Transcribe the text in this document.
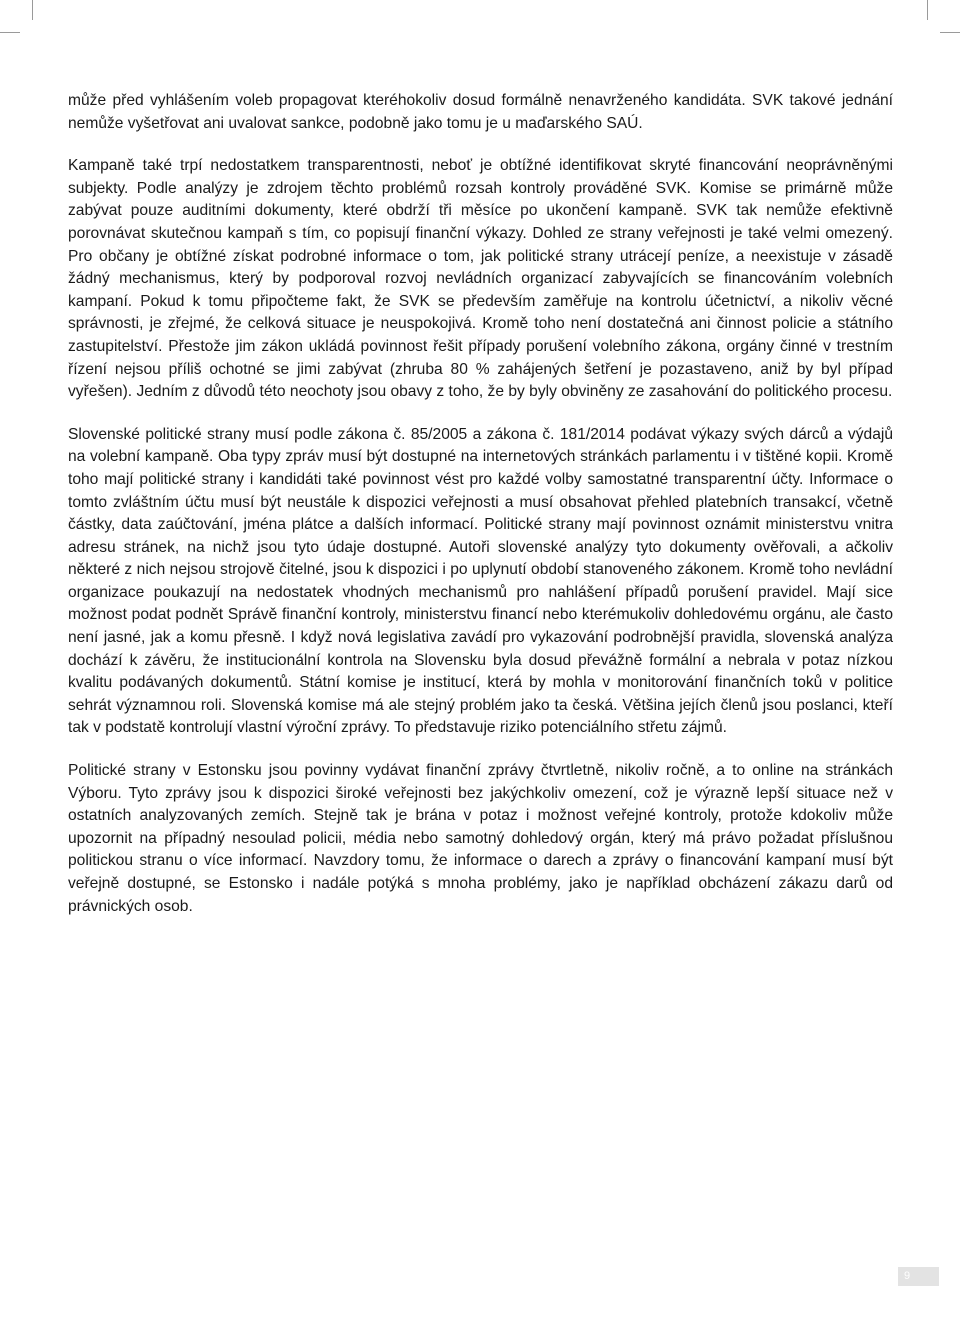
může před vyhlášením voleb propagovat kteréhokoliv dosud formálně nenavrženého kandidáta. SVK takové jednání nemůže vyšetřovat ani uvalovat sankce, podobně jako tomu je u maďarského SAÚ.

Kampaně také trpí nedostatkem transparentnosti, neboť je obtížné identifikovat skryté financování neoprávněnými subjekty. Podle analýzy je zdrojem těchto problémů rozsah kontroly prováděné SVK. Komise se primárně může zabývat pouze auditními dokumenty, které obdrží tři měsíce po ukončení kampaně. SVK tak nemůže efektivně porovnávat skutečnou kampaň s tím, co popisují finanční výkazy. Dohled ze strany veřejnosti je také velmi omezený. Pro občany je obtížné získat podrobné informace o tom, jak politické strany utrácejí peníze, a neexistuje v zásadě žádný mechanismus, který by podporoval rozvoj nevládních organizací zabyvajících se financováním volebních kampaní. Pokud k tomu připočteme fakt, že SVK se především zaměřuje na kontrolu účetnictví, a nikoliv věcné správnosti, je zřejmé, že celková situace je neuspokojivá. Kromě toho není dostatečná ani činnost policie a státního zastupitelství. Přestože jim zákon ukládá povinnost řešit případy porušení volebního zákona, orgány činné v trestním řízení nejsou příliš ochotné se jimi zabývat (zhruba 80 % zahájených šetření je pozastaveno, aniž by byl případ vyřešen). Jedním z důvodů této neochoty jsou obavy z toho, že by byly obviněny ze zasahování do politického procesu.

Slovenské politické strany musí podle zákona č. 85/2005 a zákona č. 181/2014 podávat výkazy svých dárců a výdajů na volební kampaně. Oba typy zpráv musí být dostupné na internetových stránkách parlamentu i v tištěné kopii. Kromě toho mají politické strany i kandidáti také povinnost vést pro každé volby samostatné transparentní účty. Informace o tomto zvláštním účtu musí být neustále k dispozici veřejnosti a musí obsahovat přehled platebních transakcí, včetně částky, data zaúčtování, jména plátce a dalších informací. Politické strany mají povinnost oznámit ministerstvu vnitra adresu stránek, na nichž jsou tyto údaje dostupné. Autoři slovenské analýzy tyto dokumenty ověřovali, a ačkoliv některé z nich nejsou strojově čitelné, jsou k dispozici i po uplynutí období stanoveného zákonem. Kromě toho nevládní organizace poukazují na nedostatek vhodných mechanismů pro nahlášení případů porušení pravidel. Mají sice možnost podat podnět Správě finanční kontroly, ministerstvu financí nebo kterémukoliv dohledovému orgánu, ale často není jasné, jak a komu přesně. I když nová legislativa zavádí pro vykazování podrobnější pravidla, slovenská analýza dochází k závěru, že institucionální kontrola na Slovensku byla dosud převážně formální a nebrala v potaz nízkou kvalitu podávaných dokumentů. Státní komise je institucí, která by mohla v monitorování finančních toků v politice sehrát významnou roli. Slovenská komise má ale stejný problém jako ta česká. Většina jejích členů jsou poslanci, kteří tak v podstatě kontrolují vlastní výroční zprávy. To představuje riziko potenciálního střetu zájmů.

Politické strany v Estonsku jsou povinny vydávat finanční zprávy čtvrtletně, nikoliv ročně, a to online na stránkách Výboru. Tyto zprávy jsou k dispozici široké veřejnosti bez jakýchkoliv omezení, což je výrazně lepší situace než v ostatních analyzovaných zemích. Stejně tak je brána v potaz i možnost veřejné kontroly, protože kdokoliv může upozornit na případný nesoulad policii, média nebo samotný dohledový orgán, který má právo požadat příslušnou politickou stranu o více informací. Navzdory tomu, že informace o darech a zprávy o financování kampaní musí být veřejně dostupné, se Estonsko i nadále potýká s mnoha problémy, jako je například obcházení zákazu darů od právnických osob.

9
